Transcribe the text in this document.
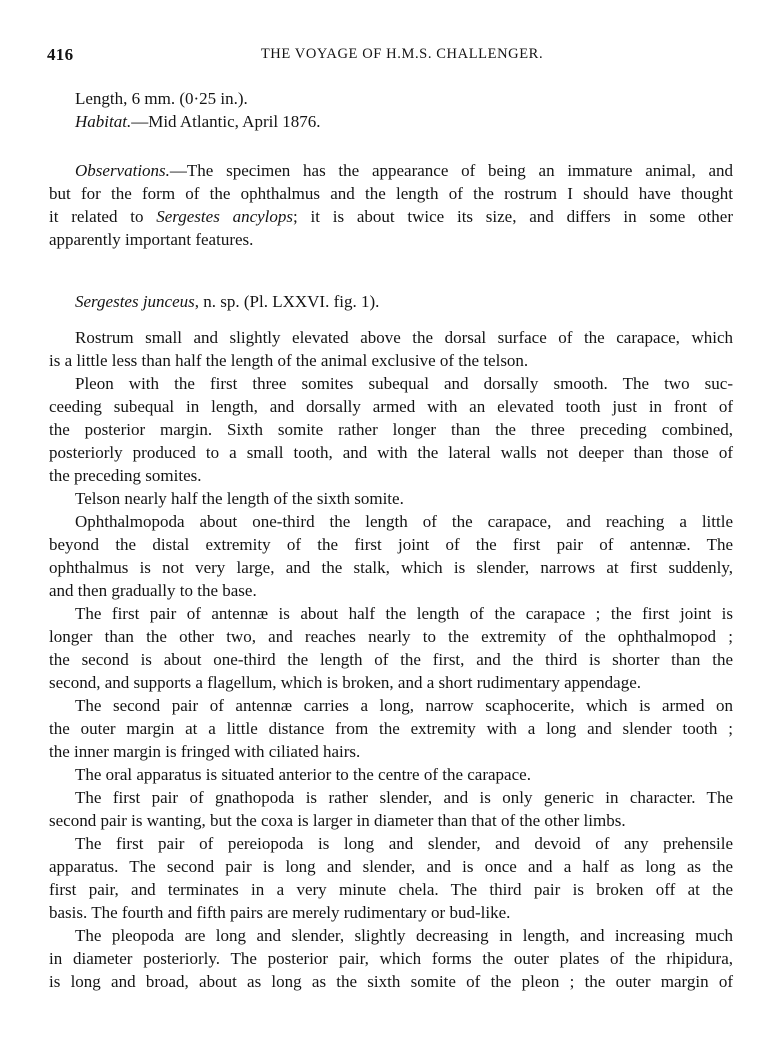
416	THE VOYAGE OF H.M.S. CHALLENGER.
Length, 6 mm. (0·25 in.).
Habitat.—Mid Atlantic, April 1876.
Observations.—The specimen has the appearance of being an immature animal, and
but for the form of the ophthalmus and the length of the rostrum I should have thought
it related to Sergestes ancylops; it is about twice its size, and differs in some other
apparently important features.
Sergestes junceus, n. sp. (Pl. LXXVI. fig. 1).
Rostrum small and slightly elevated above the dorsal surface of the carapace, which
is a little less than half the length of the animal exclusive of the telson.
Pleon with the first three somites subequal and dorsally smooth. The two suc-
ceeding subequal in length, and dorsally armed with an elevated tooth just in front of
the posterior margin. Sixth somite rather longer than the three preceding combined,
posteriorly produced to a small tooth, and with the lateral walls not deeper than those of
the preceding somites.
Telson nearly half the length of the sixth somite.
Ophthalmopoda about one-third the length of the carapace, and reaching a little
beyond the distal extremity of the first joint of the first pair of antennæ. The
ophthalmus is not very large, and the stalk, which is slender, narrows at first suddenly,
and then gradually to the base.
The first pair of antennæ is about half the length of the carapace ; the first joint is
longer than the other two, and reaches nearly to the extremity of the ophthalmopod ;
the second is about one-third the length of the first, and the third is shorter than the
second, and supports a flagellum, which is broken, and a short rudimentary appendage.
The second pair of antennæ carries a long, narrow scaphocerite, which is armed on
the outer margin at a little distance from the extremity with a long and slender tooth ;
the inner margin is fringed with ciliated hairs.
The oral apparatus is situated anterior to the centre of the carapace.
The first pair of gnathopoda is rather slender, and is only generic in character. The
second pair is wanting, but the coxa is larger in diameter than that of the other limbs.
The first pair of pereiopoda is long and slender, and devoid of any prehensile
apparatus. The second pair is long and slender, and is once and a half as long as the
first pair, and terminates in a very minute chela. The third pair is broken off at the
basis. The fourth and fifth pairs are merely rudimentary or bud-like.
The pleopoda are long and slender, slightly decreasing in length, and increasing much
in diameter posteriorly. The posterior pair, which forms the outer plates of the rhipidura,
is long and broad, about as long as the sixth somite of the pleon ; the outer margin of
